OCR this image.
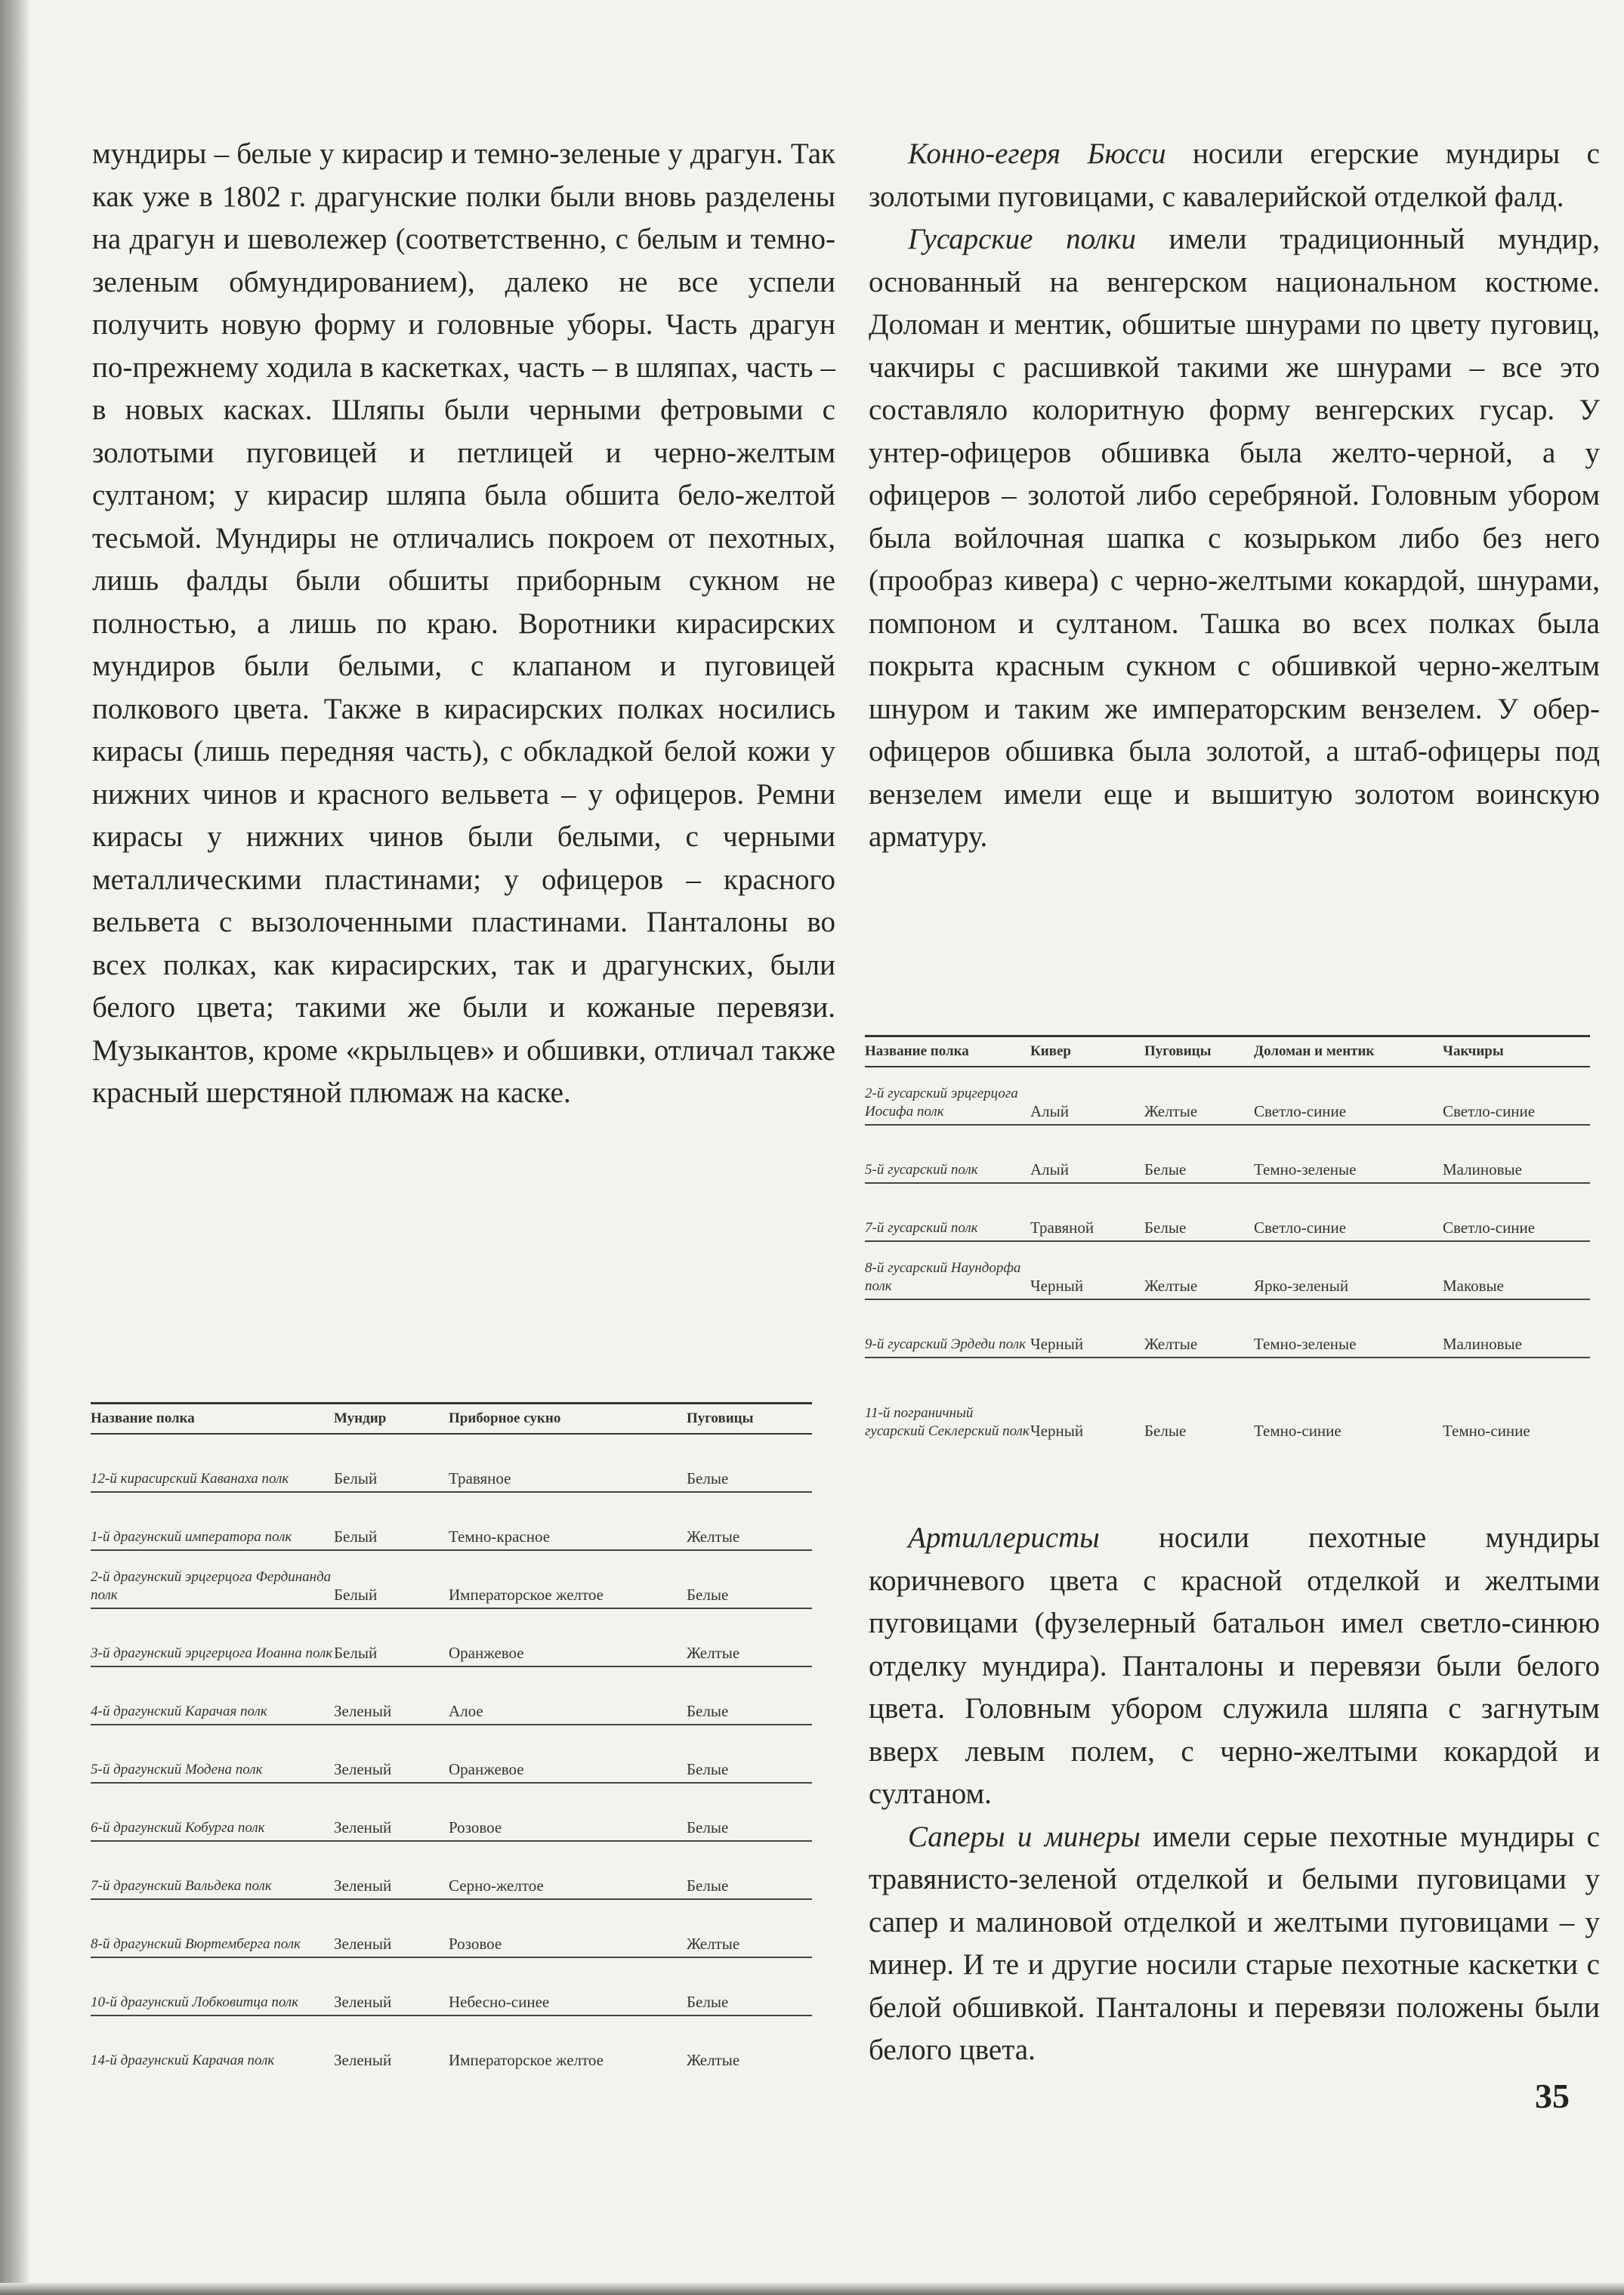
мундиры – белые у кирасир и темно-зеленые у драгун. Так как уже в 1802 г. драгунские полки были вновь разделены на драгун и шеволежер (соответственно, с белым и темно-зеленым обмундированием), далеко не все успели получить новую форму и головные уборы. Часть драгун по-прежнему ходила в каскетках, часть – в шляпах, часть – в новых касках. Шляпы были черными фетровыми с золотыми пуговицей и петлицей и черно-желтым султаном; у кирасир шляпа была обшита бело-желтой тесьмой. Мундиры не отличались покроем от пехотных, лишь фалды были обшиты приборным сукном не полностью, а лишь по краю. Воротники кирасирских мундиров были белыми, с клапаном и пуговицей полкового цвета. Также в кирасирских полках носились кирасы (лишь передняя часть), с обкладкой белой кожи у нижних чинов и красного вельвета – у офицеров. Ремни кирасы у нижних чинов были белыми, с черными металлическими пластинами; у офицеров – красного вельвета с вызолоченными пластинами. Панталоны во всех полках, как кирасирских, так и драгунских, были белого цвета; такими же были и кожаные перевязи. Музыкантов, кроме «крыльцев» и обшивки, отличал также красный шерстяной плюмаж на каске.

Название полка	Мундир	Приборное сукно	Пуговицы
12-й кирасирский Каванаха полк	Белый	Травяное	Белые
1-й драгунский императора полк	Белый	Темно-красное	Желтые
2-й драгунский эрцгерцога Фердинанда полк	Белый	Императорское желтое	Белые
3-й драгунский эрцгерцога Иоанна полк Белый	Оранжевое	Желтые
4-й драгунский Карачая полк	Зеленый	Алое	Белые
5-й драгунский Модена полк	Зеленый	Оранжевое	Белые
6-й драгунский Кобурга полк	Зеленый	Розовое	Белые
7-й драгунский Вальдека полк	Зеленый	Серно-желтое	Белые
8-й драгунский Вюртемберга полк	Зеленый	Розовое	Желтые
10-й драгунский Лобковитца полк	Зеленый	Небесно-синее	Белые
14-й драгунский Карачая полк	Зеленый	Императорское желтое	Желтые

Конно-егеря Бюсси носили егерские мундиры с золотыми пуговицами, с кавалерийской отделкой фалд.

Гусарские полки имели традиционный мундир, основанный на венгерском национальном костюме. Доломан и ментик, обшитые шнурами по цвету пуговиц, чакчиры с расшивкой такими же шнурами – все это составляло колоритную форму венгерских гусар. У унтер-офицеров обшивка была желто-черной, а у офицеров – золотой либо серебряной. Головным убором была войлочная шапка с козырьком либо без него (прообраз кивера) с черно-желтыми кокардой, шнурами, помпоном и султаном. Ташка во всех полках была покрыта красным сукном с обшивкой черно-желтым шнуром и таким же императорским вензелем. У обер-офицеров обшивка была золотой, а штаб-офицеры под вензелем имели еще и вышитую золотом воинскую арматуру.

Название полка	Кивер	Пуговицы	Доломан и ментик	Чакчиры
2-й гусарский эрцгерцога Иосифа полк	Алый	Желтые	Светло-синие	Светло-синие
5-й гусарский полк	Алый	Белые	Темно-зеленые	Малиновые
7-й гусарский полк	Травяной	Белые	Светло-синие	Светло-синие
8-й гусарский Наундорфа полк	Черный	Желтые	Ярко-зеленый	Маковые
9-й гусарский Эрдеди полк Черный	Желтые	Темно-зеленые	Малиновые
11-й пограничный гусарский Секлерский полк Черный	Белые	Темно-синие	Темно-синие

Артиллеристы носили пехотные мундиры коричневого цвета с красной отделкой и желтыми пуговицами (фузелерный батальон имел светло-синюю отделку мундира). Панталоны и перевязи были белого цвета. Головным убором служила шляпа с загнутым вверх левым полем, с черно-желтыми кокардой и султаном.

Саперы и минеры имели серые пехотные мундиры с травянисто-зеленой отделкой и белыми пуговицами у сапер и малиновой отделкой и желтыми пуговицами – у минер. И те и другие носили старые пехотные каскетки с белой обшивкой. Панталоны и перевязи положены были белого цвета.

35
